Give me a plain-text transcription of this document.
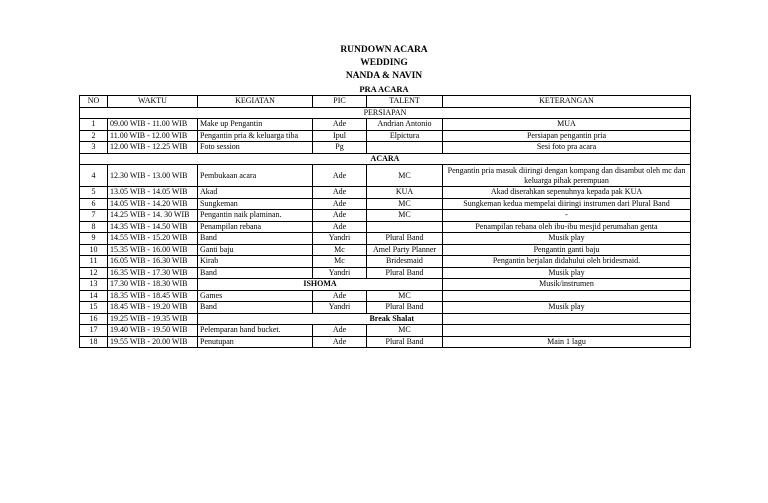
RUNDOWN ACARA
WEDDING
NANDA & NAVIN
PRA ACARA
NO	WAKTU	KEGIATAN	PIC	TALENT	KETERANGAN
PERSIAPAN					
1	09.00 WIB - 11.00 WIB	Make up Pengantin	Ade	Andrian Antonio	MUA
2	11.00 WIB - 12.00 WIB	Pengantin pria & keluarga tiba	Ipul	Elpictura	Persiapan pengantin pria
3	12.00 WIB - 12.25 WIB	Foto session	Pg		Sesi foto pra acara
ACARA					
4	12.30 WIB - 13.00 WIB	Pembukaan acara	Ade	MC	Pengantin pria masuk diiringi dengan kompang dan disambut oleh mc dan keluarga pihak perempuan
5	13.05 WIB - 14.05 WIB	Akad	Ade	KUA	Akad diserahkan sepenuhnya kepada pak KUA
6	14.05 WIB - 14.20 WIB	Sungkeman	Ade	MC	Sungkeman kedua mempelai diiringi instrumen dari Plural Band
7	14.25 WIB - 14. 30 WIB	Pengantin naik plaminan.	Ade	MC	-
8	14.35 WIB - 14.50 WIB	Penampilan rebana	Ade		Penampilan rebana oleh ibu-ibu mesjid perumahan genta
9	14.55 WIB - 15.20 WIB	Band	Yandri	Plural Band	Musik play
10	15.35 WIB - 16.00 WIB	Ganti baju	Mc	Amel Party Planner	Pengantin ganti baju
11	16.05 WIB - 16.30 WIB	Kirab	Mc	Bridesmaid	Pengantin berjalan didahului oleh bridesmaid.
12	16.35 WIB - 17.30 WIB	Band	Yandri	Plural Band	Musik play
13	17.30 WIB - 18.30 WIB	ISHOMA			Musik/instrumen
14	18.35 WIB - 18.45 WIB	Games	Ade	MC	
15	18.45 WIB - 19.20 WIB	Band	Yandri	Plural Band	Musik play
16	19.25 WIB - 19.35 WIB	Break Shalat			
17	19.40 WIB - 19.50 WIB	Pelemparan hand bucket.	Ade	MC	
18	19.55 WIB - 20.00 WIB	Penutupan	Ade	Plural Band	Main 1 lagu
